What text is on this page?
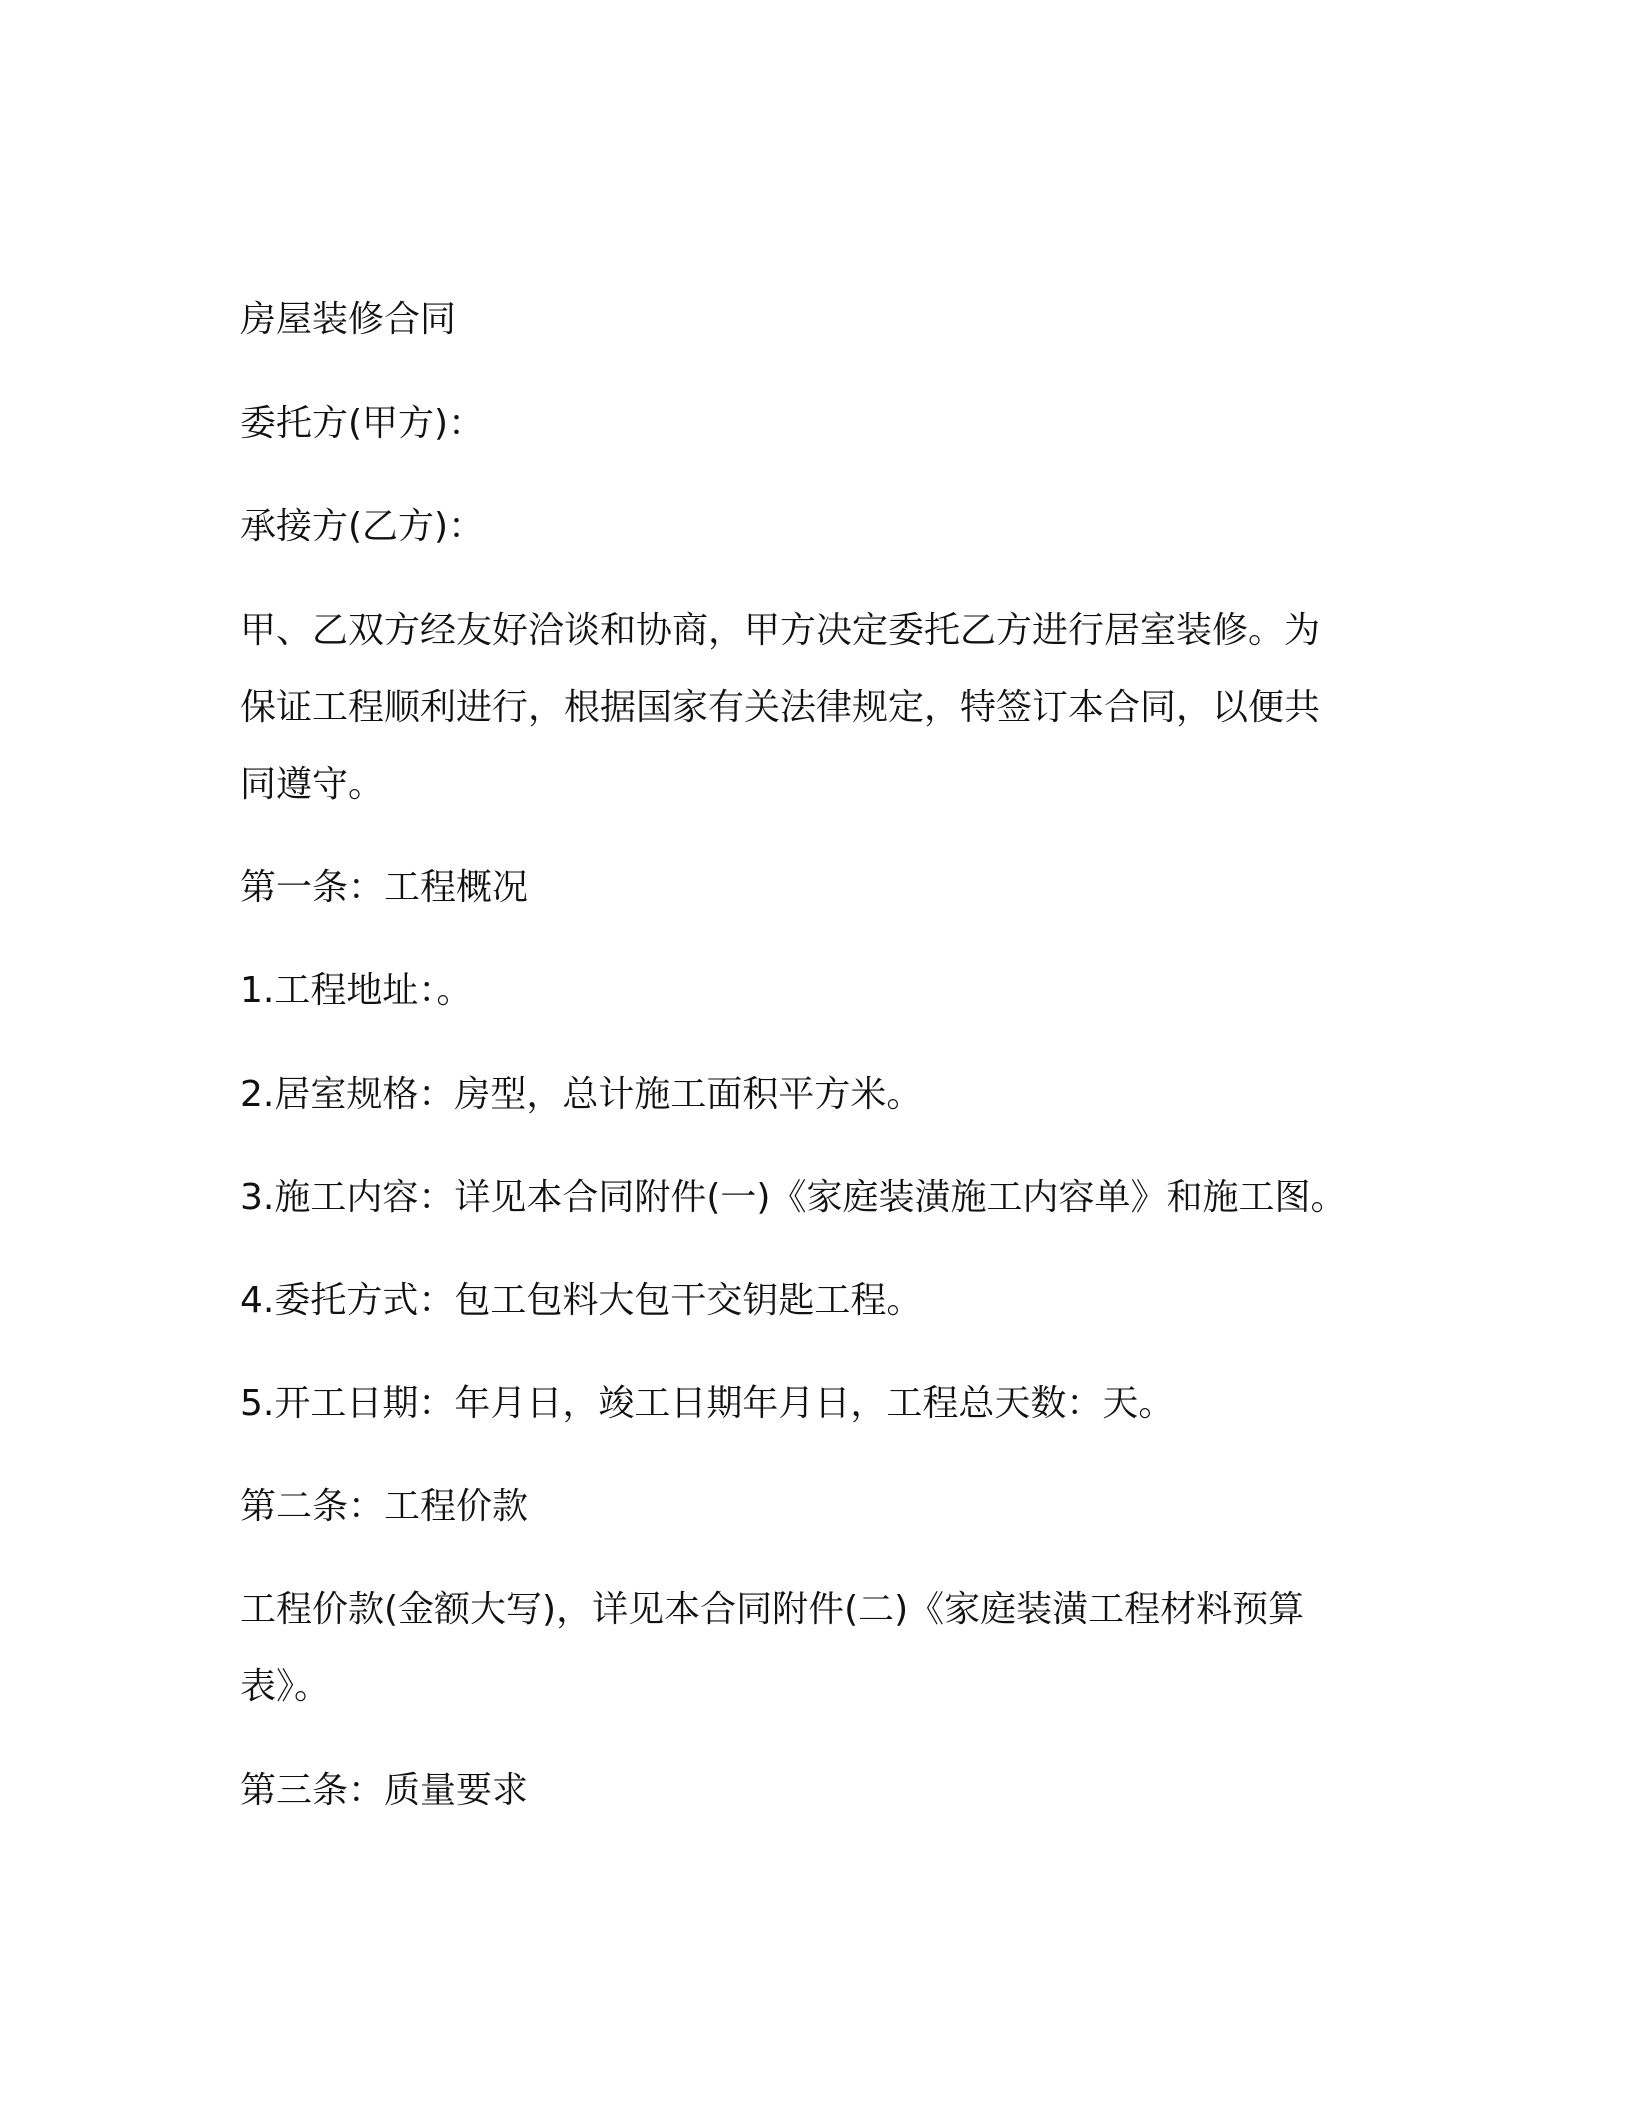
房屋装修合同

委托方(甲方)：

承接方(乙方)：

甲、乙双方经友好洽谈和协商，甲方决定委托乙方进行居室装修。为

保证工程顺利进行，根据国家有关法律规定，特签订本合同，以便共

同遵守。

第一条：工程概况

1.工程地址：。

2.居室规格：房型，总计施工面积平方米。

3.施工内容：详见本合同附件(一)《家庭装潢施工内容单》和施工图。

4.委托方式：包工包料大包干交钥匙工程。

5.开工日期：年月日，竣工日期年月日，工程总天数：天。

第二条：工程价款

工程价款(金额大写)，详见本合同附件(二)《家庭装潢工程材料预算

表》。

第三条：质量要求
